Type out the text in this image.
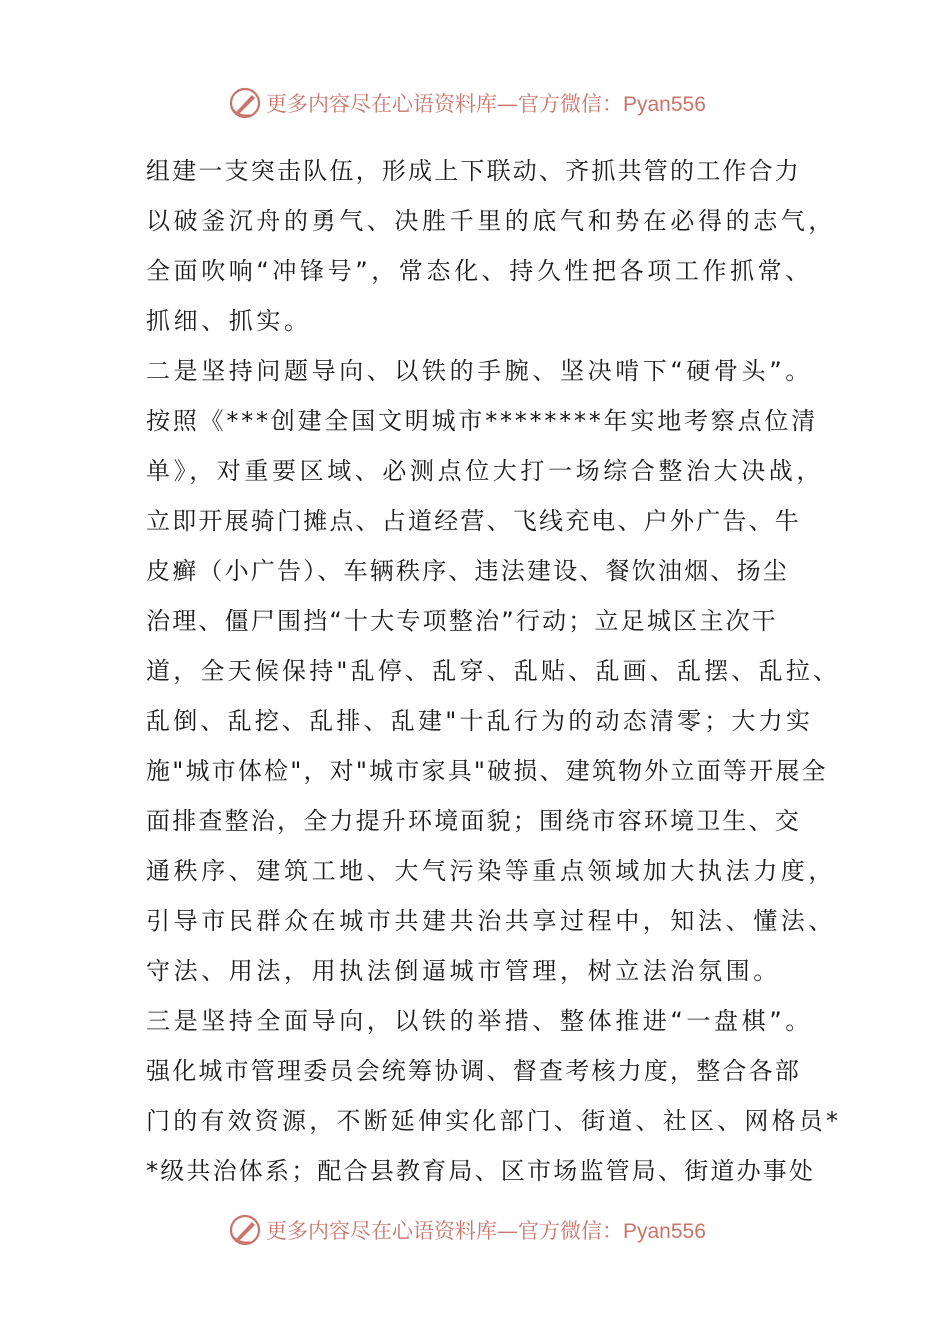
更多内容尽在心语资料库—官方微信：Pyan556
组建一支突击队伍，形成上下联动、齐抓共管的工作合力
以破釜沉舟的勇气、决胜千里的底气和势在必得的志气，
全面吹响“冲锋号”，常态化、持久性把各项工作抓常、
抓细、抓实。
二是坚持问题导向、以铁的手腕、坚决啃下“硬骨头”。
按照《***创建全国文明城市********年实地考察点位清
单》，对重要区域、必测点位大打一场综合整治大决战，
立即开展骑门摊点、占道经营、飞线充电、户外广告、牛
皮癣（小广告）、车辆秩序、违法建设、餐饮油烟、扬尘
治理、僵尸围挡“十大专项整治”行动；立足城区主次干
道，全天候保持"乱停、乱穿、乱贴、乱画、乱摆、乱拉、
乱倒、乱挖、乱排、乱建"十乱行为的动态清零；大力实
施"城市体检"，对"城市家具"破损、建筑物外立面等开展全
面排查整治，全力提升环境面貌；围绕市容环境卫生、交
通秩序、建筑工地、大气污染等重点领域加大执法力度，
引导市民群众在城市共建共治共享过程中，知法、懂法、
守法、用法，用执法倒逼城市管理，树立法治氛围。
三是坚持全面导向，以铁的举措、整体推进“一盘棋”。
强化城市管理委员会统筹协调、督查考核力度，整合各部
门的有效资源，不断延伸实化部门、街道、社区、网格员*
*级共治体系；配合县教育局、区市场监管局、街道办事处
更多内容尽在心语资料库—官方微信：Pyan556
